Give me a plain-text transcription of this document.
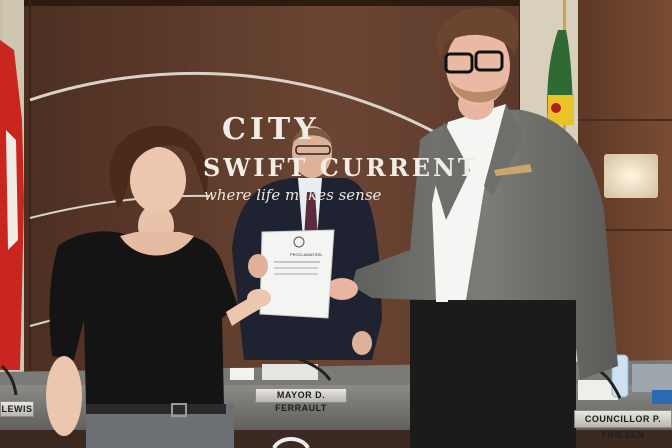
CITY
SWIFT CURRENT
where life makes sense
PROCLAMATION
LEWIS
MAYOR D. FERRAULT
COUNCILLOR P. FRIESEN
